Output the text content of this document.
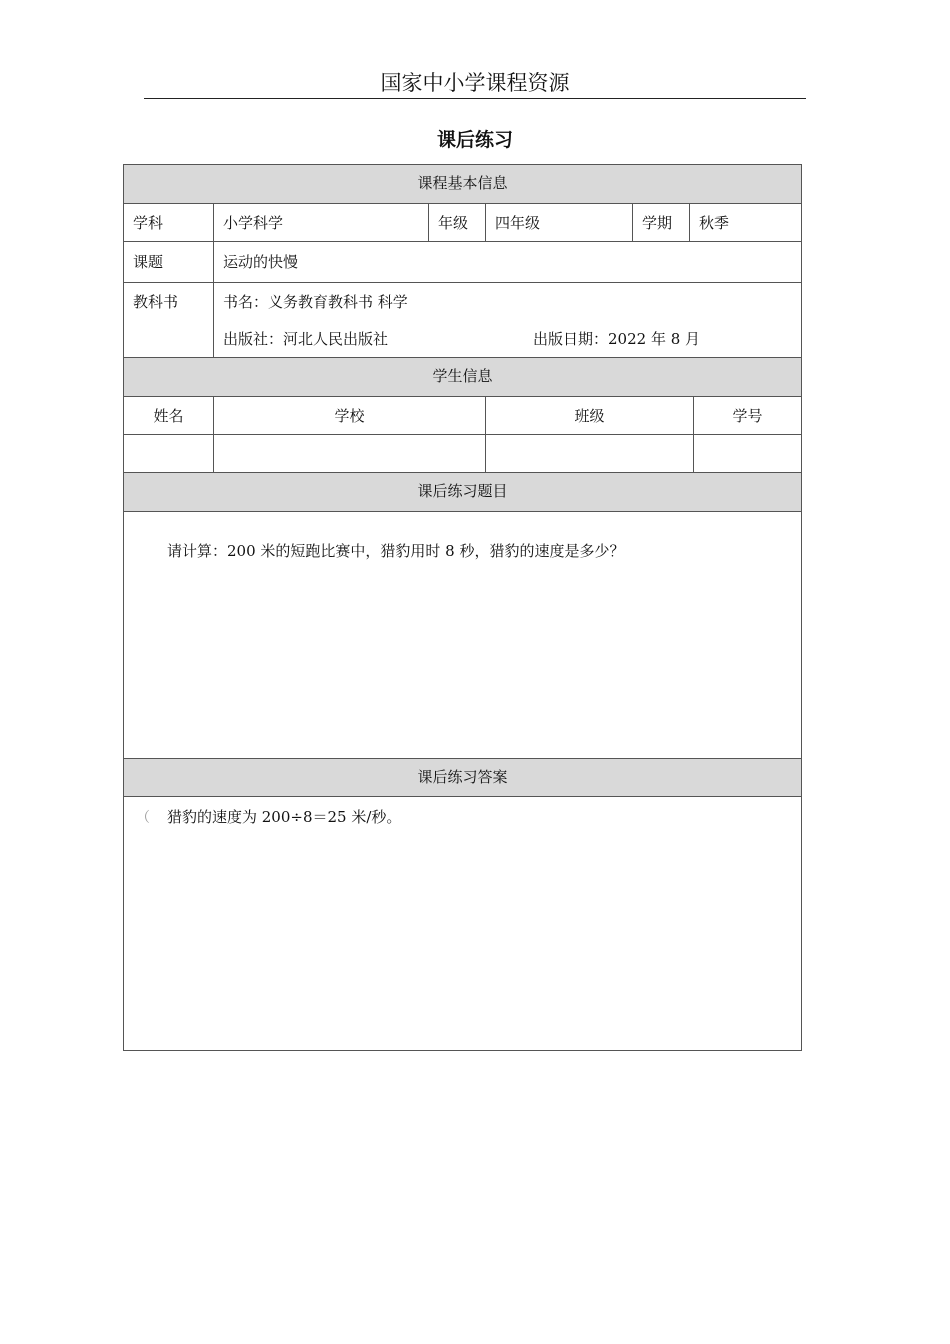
国家中小学课程资源
课后练习
课程基本信息
学科	小学科学	年级	四年级	学期	秋季
课题	运动的快慢
教科书	书名：义务教育教科书 科学
出版社：河北人民出版社	出版日期：2022 年 8 月
学生信息
姓名	学校	班级	学号
课后练习题目
请计算：200 米的短跑比赛中，猎豹用时 8 秒，猎豹的速度是多少？
课后练习答案
（ 猎豹的速度为 200÷8＝25 米/秒。
